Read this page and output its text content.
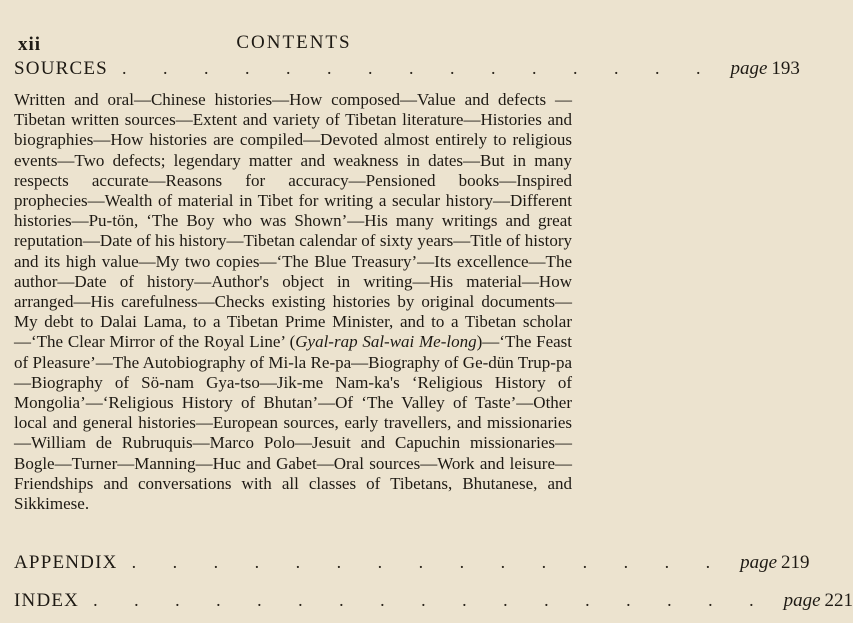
xii	CONTENTS
SOURCES . . . . . . . . . . . . . . . page 193

Written and oral—Chinese histories—How composed—Value and defects —Tibetan written sources—Extent and variety of Tibetan literature—Histories and biographies—How histories are compiled—Devoted almost entirely to religious events—Two defects; legendary matter and weakness in dates—But in many respects accurate—Reasons for accuracy—Pensioned books—Inspired prophecies—Wealth of material in Tibet for writing a secular history—Different histories—Pu-tön, ‘The Boy who was Shown’—His many writings and great reputation—Date of his history—Tibetan calendar of sixty years—Title of history and its high value—My two copies—‘The Blue Treasury’—Its excellence—The author—Date of history—Author's object in writing—His material—How arranged—His carefulness—Checks existing histories by original documents—My debt to Dalai Lama, to a Tibetan Prime Minister, and to a Tibetan scholar—‘The Clear Mirror of the Royal Line’ (Gyal-rap Sal-wai Me-long)—‘The Feast of Pleasure’—The Autobiography of Mi-la Re-pa—Biography of Ge-dün Trup-pa—Biography of Sö-nam Gya-tso—Jik-me Nam-ka's ‘Religious History of Mongolia’—‘Religious History of Bhutan’—Of ‘The Valley of Taste’—Other local and general histories—European sources, early travellers, and missionaries—William de Rubruquis—Marco Polo—Jesuit and Capuchin missionaries—Bogle—Turner—Manning—Huc and Gabet—Oral sources—Work and leisure—Friendships and conversations with all classes of Tibetans, Bhutanese, and Sikkimese.

APPENDIX . . . . . . . . . . . . . . . page 219
INDEX . . . . . . . . . . . . . . . . . page 221
